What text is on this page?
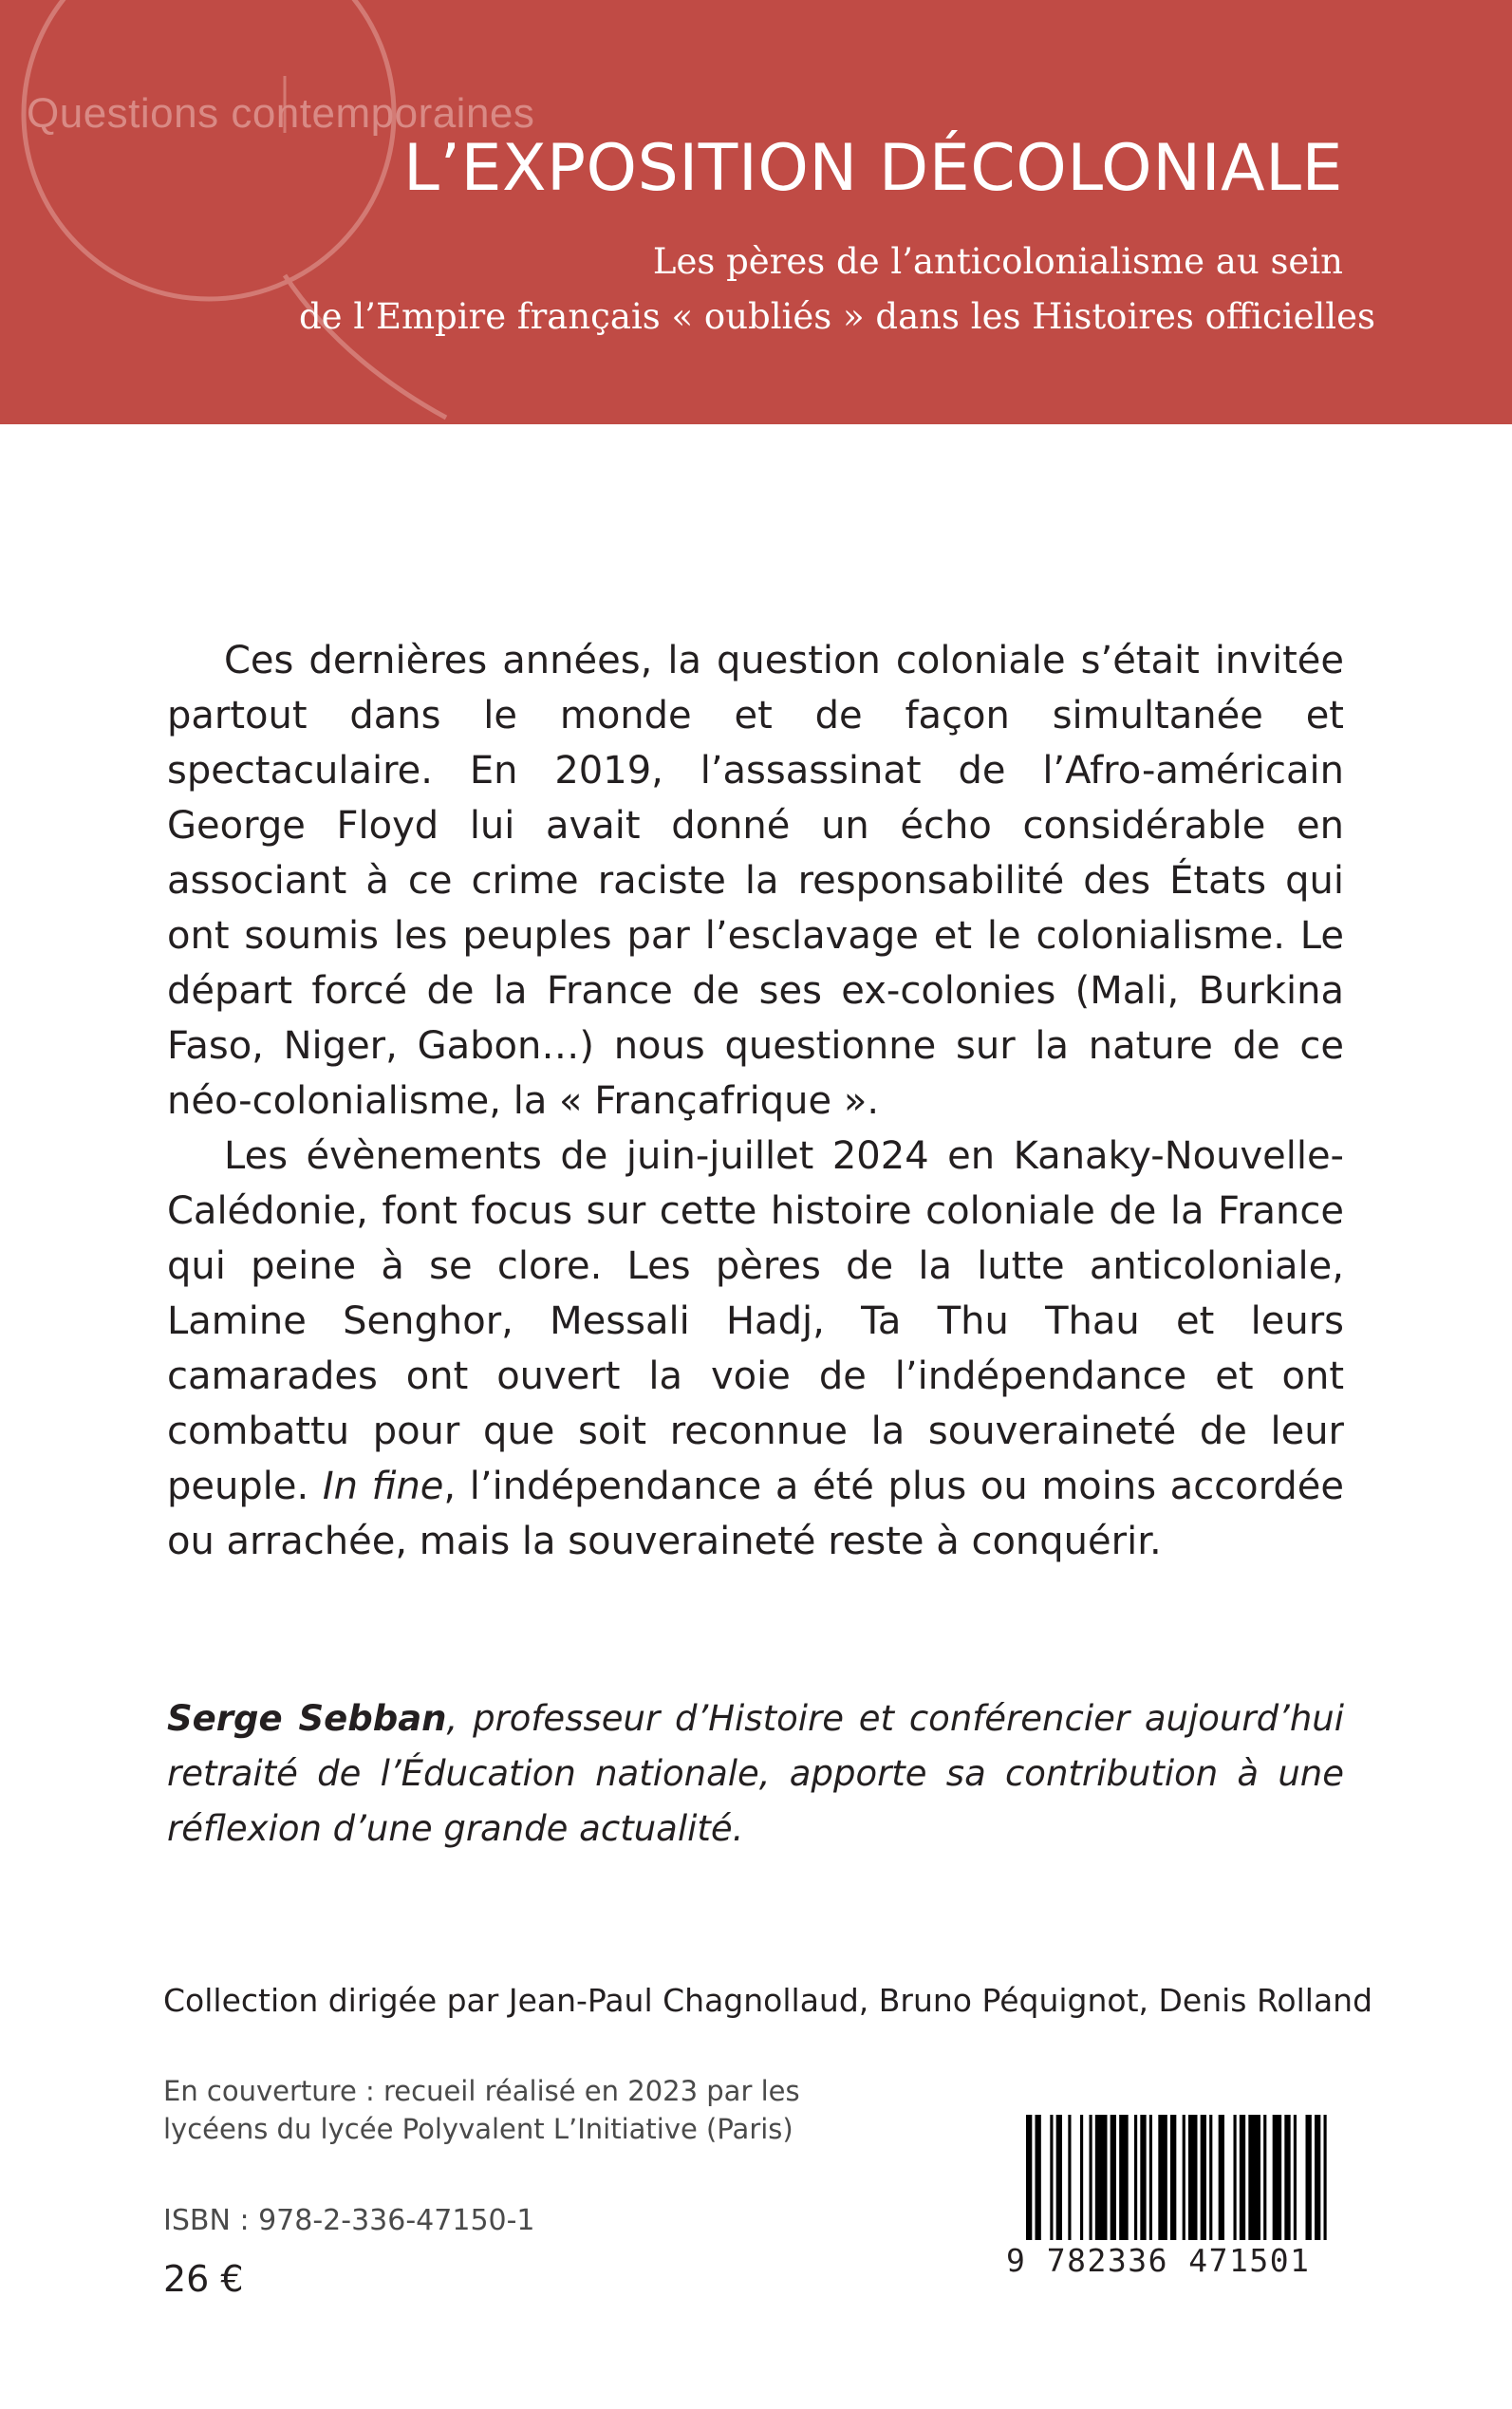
Questions contemporaines
L’EXPOSITION DÉCOLONIALE
Les pères de l’anticolonialisme au sein
de l’Empire français « oubliés » dans les Histoires officielles

Ces dernières années, la question coloniale s’était invitée partout dans le monde et de façon simultanée et spectaculaire. En 2019, l’assassinat de l’Afro-américain George Floyd lui avait donné un écho considérable en associant à ce crime raciste la responsabilité des États qui ont soumis les peuples par l’esclavage et le colonialisme. Le départ forcé de la France de ses ex-colonies (Mali, Burkina Faso, Niger, Gabon…) nous questionne sur la nature de ce néo-colonialisme, la « Françafrique ».

Les évènements de juin-juillet 2024 en Kanaky-Nouvelle-Calédonie, font focus sur cette histoire coloniale de la France qui peine à se clore. Les pères de la lutte anticoloniale, Lamine Senghor, Messali Hadj, Ta Thu Thau et leurs camarades ont ouvert la voie de l’indépendance et ont combattu pour que soit reconnue la souveraineté de leur peuple. In fine, l’indépendance a été plus ou moins accordée ou arrachée, mais la souveraineté reste à conquérir.

Serge Sebban, professeur d’Histoire et conférencier aujourd’hui retraité de l’Éducation nationale, apporte sa contribution à une réflexion d’une grande actualité.

Collection dirigée par Jean-Paul Chagnollaud, Bruno Péquignot, Denis Rolland
En couverture : recueil réalisé en 2023 par les
lycéens du lycée Polyvalent L’Initiative (Paris)
ISBN : 978-2-336-47150-1
26 €	9 782336 471501
